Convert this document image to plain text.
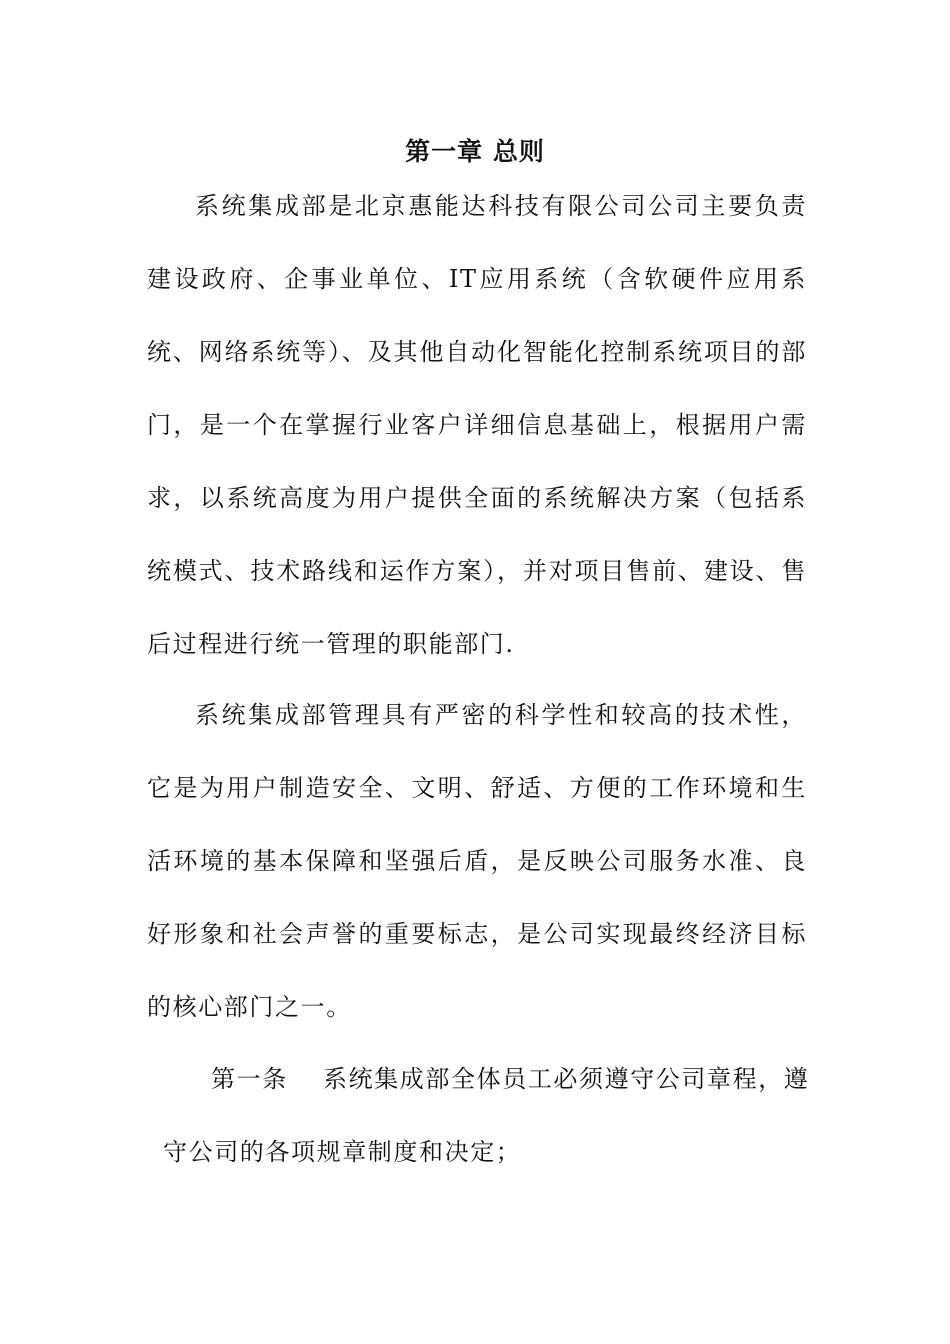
第一章 总则

系统集成部是北京惠能达科技有限公司公司主要负责建设政府、企事业单位、IT应用系统（含软硬件应用系统、网络系统等）、及其他自动化智能化控制系统项目的部门，是一个在掌握行业客户详细信息基础上，根据用户需求，以系统高度为用户提供全面的系统解决方案（包括系统模式、技术路线和运作方案），并对项目售前、建设、售后过程进行统一管理的职能部门.

系统集成部管理具有严密的科学性和较高的技术性，它是为用户制造安全、文明、舒适、方便的工作环境和生活环境的基本保障和坚强后盾，是反映公司服务水准、良好形象和社会声誉的重要标志，是公司实现最终经济目标的核心部门之一。

第一条 系统集成部全体员工必须遵守公司章程，遵
守公司的各项规章制度和决定；
